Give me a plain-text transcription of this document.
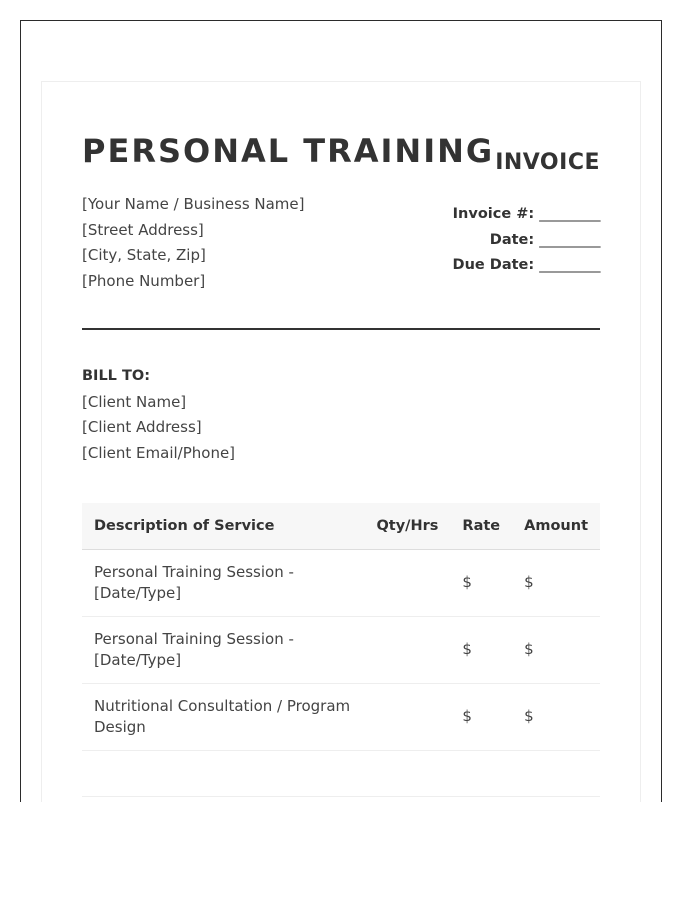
PERSONAL TRAINING INVOICE
[Your Name / Business Name]
[Street Address]
[City, State, Zip]
[Phone Number]
Invoice #: _________
Date: _________
Due Date: _________
BILL TO:
[Client Name]
[Client Address]
[Client Email/Phone]
Description of Service	Qty/Hrs	Rate	Amount
Personal Training Session - [Date/Type]		$	$
Personal Training Session - [Date/Type]		$	$
Nutritional Consultation / Program Design		$	$
